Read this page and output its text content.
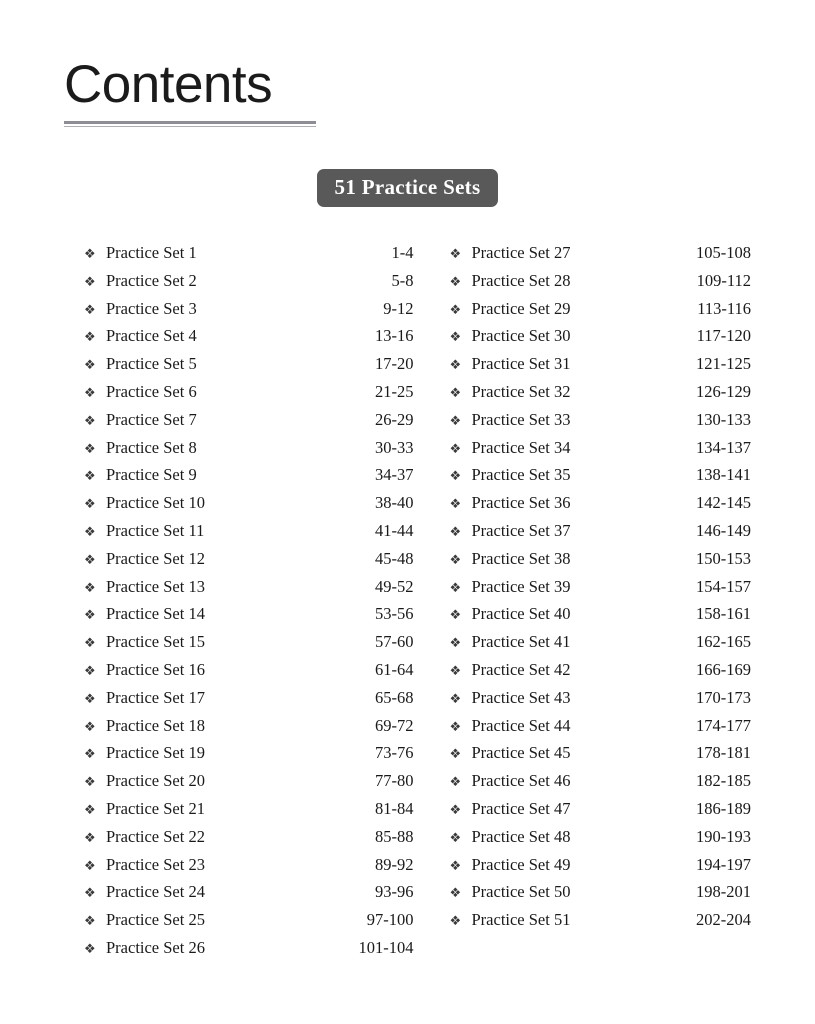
Contents
51 Practice Sets
❖ Practice Set 1	1-4
❖ Practice Set 2	5-8
❖ Practice Set 3	9-12
❖ Practice Set 4	13-16
❖ Practice Set 5	17-20
❖ Practice Set 6	21-25
❖ Practice Set 7	26-29
❖ Practice Set 8	30-33
❖ Practice Set 9	34-37
❖ Practice Set 10	38-40
❖ Practice Set 11	41-44
❖ Practice Set 12	45-48
❖ Practice Set 13	49-52
❖ Practice Set 14	53-56
❖ Practice Set 15	57-60
❖ Practice Set 16	61-64
❖ Practice Set 17	65-68
❖ Practice Set 18	69-72
❖ Practice Set 19	73-76
❖ Practice Set 20	77-80
❖ Practice Set 21	81-84
❖ Practice Set 22	85-88
❖ Practice Set 23	89-92
❖ Practice Set 24	93-96
❖ Practice Set 25	97-100
❖ Practice Set 26	101-104
❖ Practice Set 27	105-108
❖ Practice Set 28	109-112
❖ Practice Set 29	113-116
❖ Practice Set 30	117-120
❖ Practice Set 31	121-125
❖ Practice Set 32	126-129
❖ Practice Set 33	130-133
❖ Practice Set 34	134-137
❖ Practice Set 35	138-141
❖ Practice Set 36	142-145
❖ Practice Set 37	146-149
❖ Practice Set 38	150-153
❖ Practice Set 39	154-157
❖ Practice Set 40	158-161
❖ Practice Set 41	162-165
❖ Practice Set 42	166-169
❖ Practice Set 43	170-173
❖ Practice Set 44	174-177
❖ Practice Set 45	178-181
❖ Practice Set 46	182-185
❖ Practice Set 47	186-189
❖ Practice Set 48	190-193
❖ Practice Set 49	194-197
❖ Practice Set 50	198-201
❖ Practice Set 51	202-204
